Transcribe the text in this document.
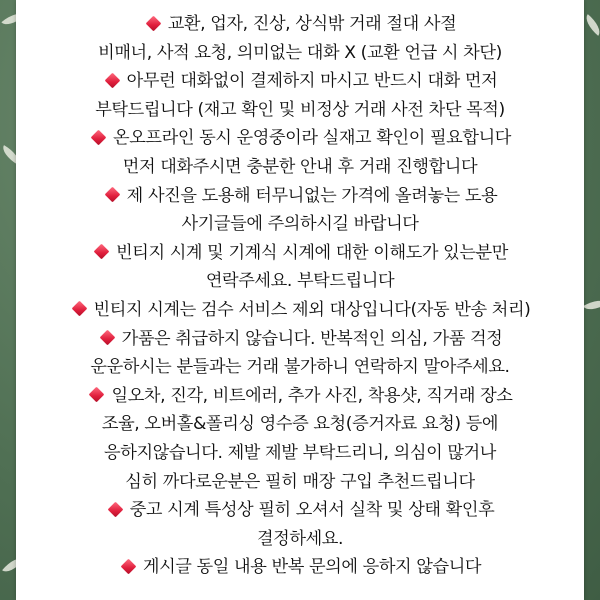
교환, 업자, 진상, 상식밖 거래 절대 사절
비매너, 사적 요청, 의미없는 대화 X (교환 언급 시 차단)
아무런 대화없이 결제하지 마시고 반드시 대화 먼저
부탁드립니다 (재고 확인 및 비정상 거래 사전 차단 목적)
온오프라인 동시 운영중이라 실재고 확인이 필요합니다
먼저 대화주시면 충분한 안내 후 거래 진행합니다
제 사진을 도용해 터무니없는 가격에 올려놓는 도용
사기글들에 주의하시길 바랍니다
빈티지 시계 및 기계식 시계에 대한 이해도가 있는분만
연락주세요. 부탁드립니다
빈티지 시계는 검수 서비스 제외 대상입니다(자동 반송 처리)
가품은 취급하지 않습니다. 반복적인 의심, 가품 걱정
운운하시는 분들과는 거래 불가하니 연락하지 말아주세요.
일오차, 진각, 비트에러, 추가 사진, 착용샷, 직거래 장소
조율, 오버홀&폴리싱 영수증 요청(증거자료 요청) 등에
응하지않습니다. 제발 제발 부탁드리니, 의심이 많거나
심히 까다로운분은 필히 매장 구입 추천드립니다
중고 시계 특성상 필히 오셔서 실착 및 상태 확인후
결정하세요.
게시글 동일 내용 반복 문의에 응하지 않습니다
